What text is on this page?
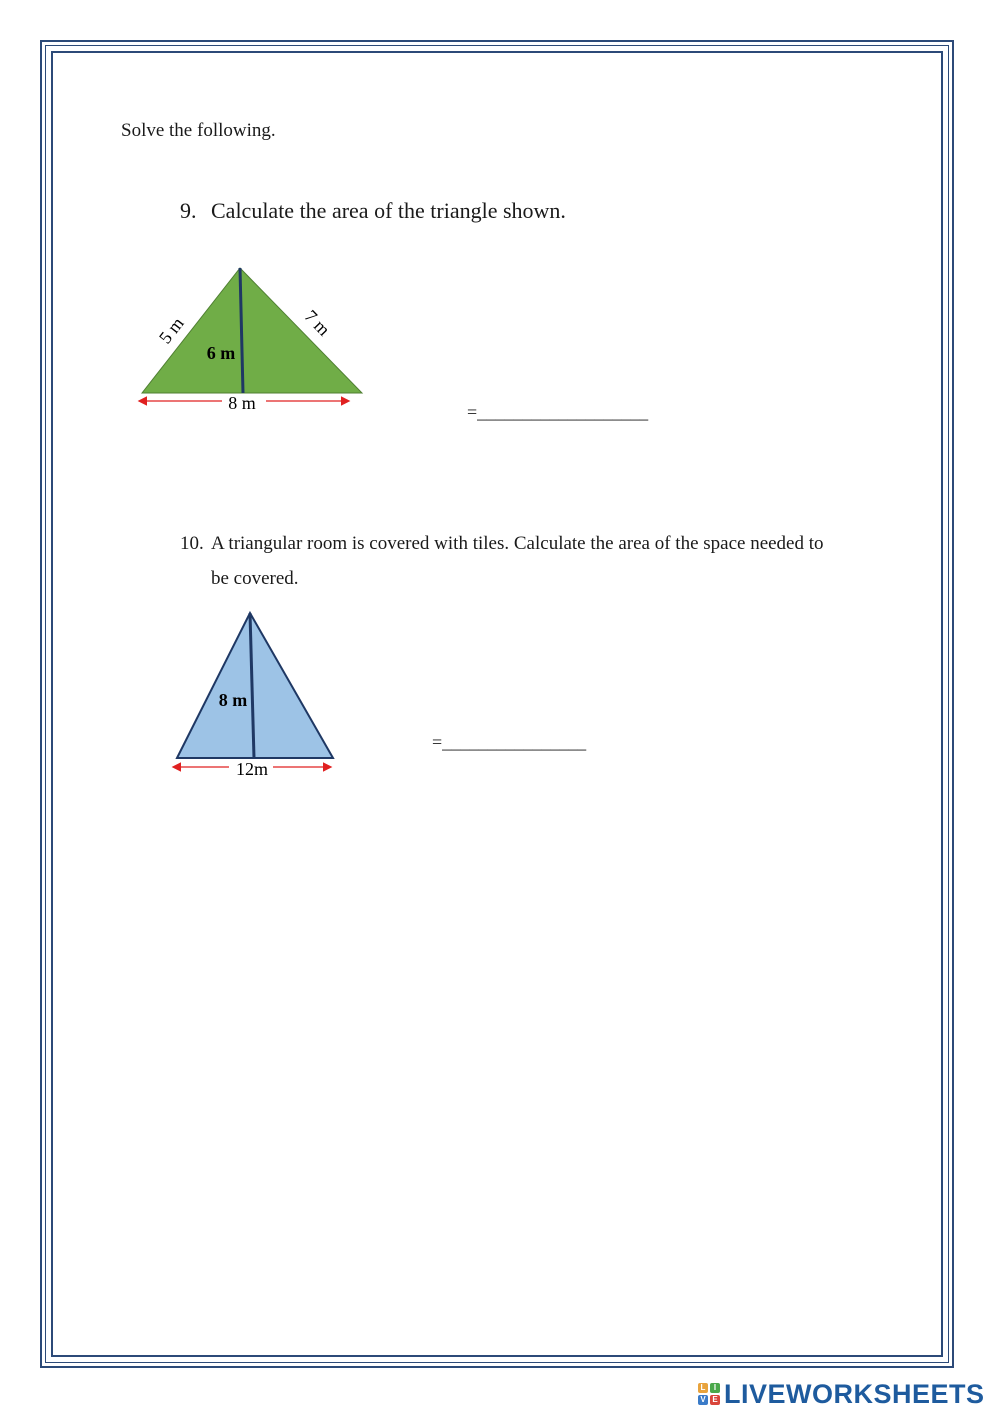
Solve the following.
9. Calculate the area of the triangle shown.
5 m	7 m
6 m
8 m	=___________________
10. A triangular room is covered with tiles. Calculate the area of the space needed to
be covered.
8 m
12m
=________________
L	I
V E LIVEWORKSHEETS
